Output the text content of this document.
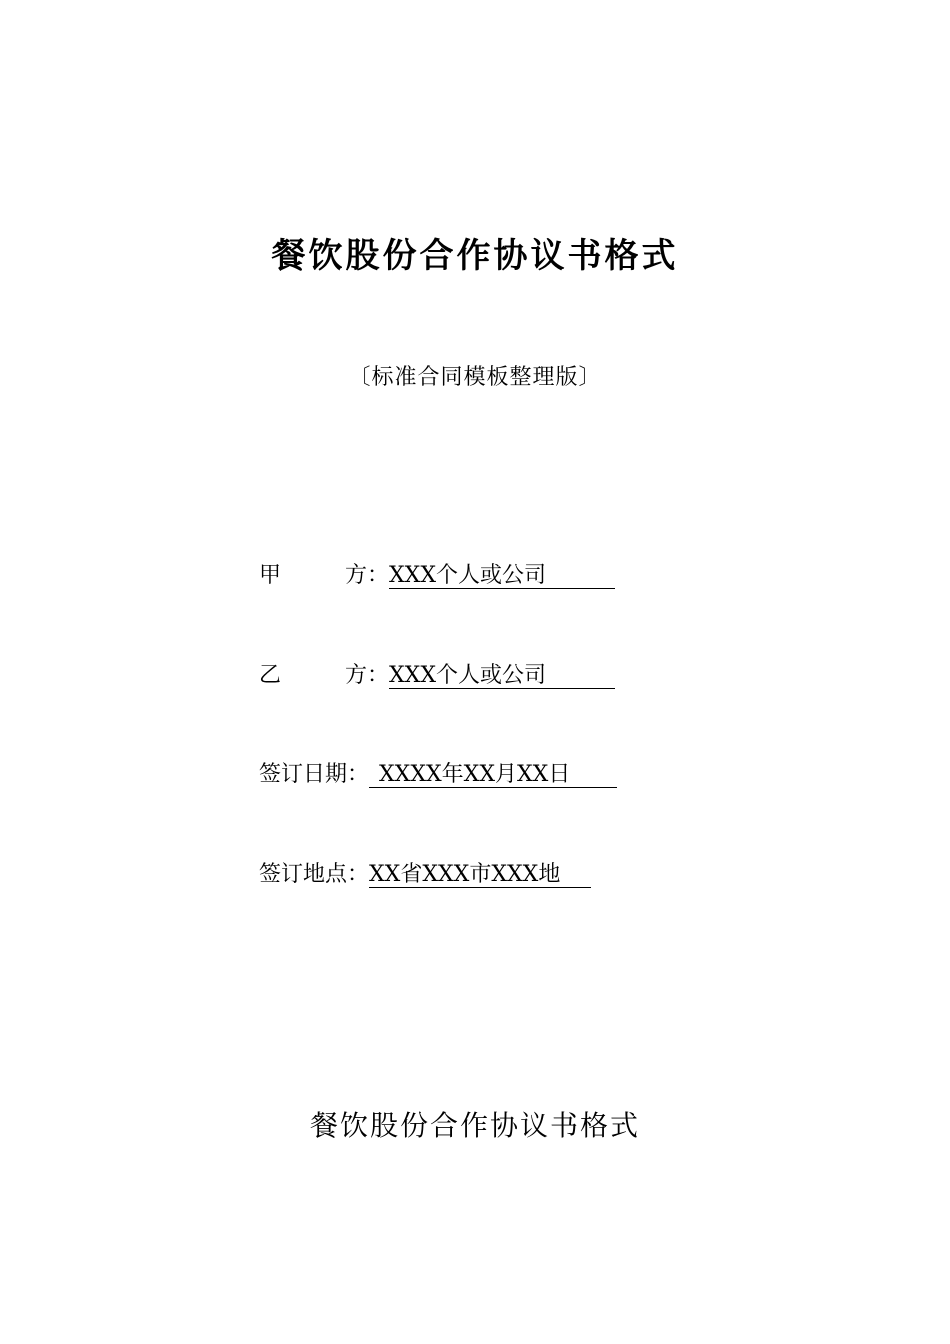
餐饮股份合作协议书格式
〔标准合同模板整理版〕
甲	方： XXX个人或公司
乙	方： XXX个人或公司
签订日期： XXXX年XX月XX日
签订地点：XX省XXX市XXX地
餐饮股份合作协议书格式
